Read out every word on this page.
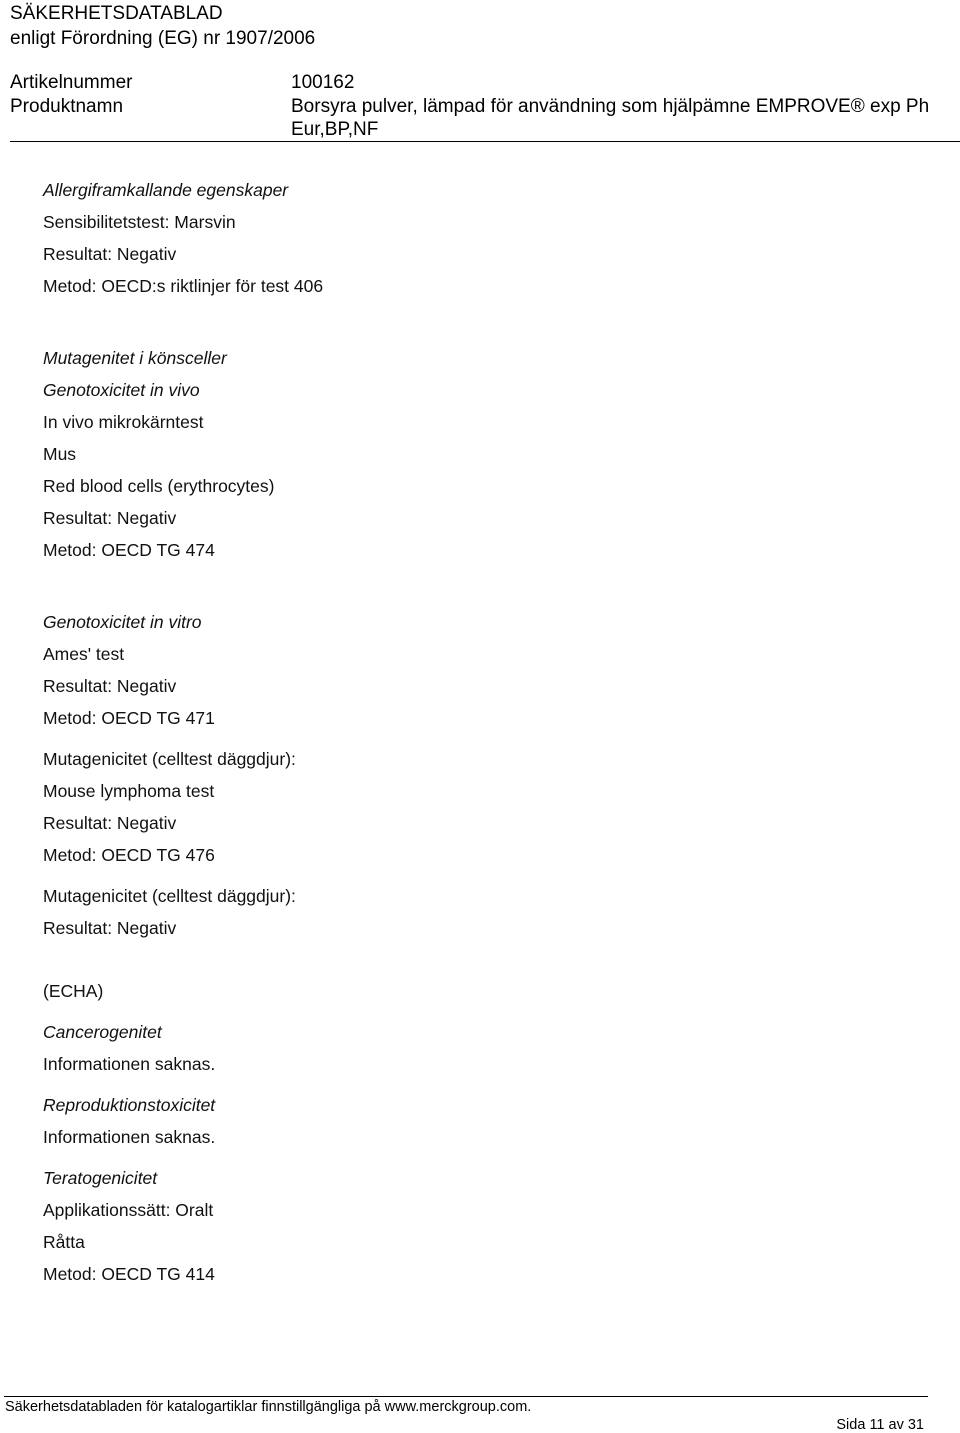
SÄKERHETSDATABLAD
enligt Förordning (EG) nr 1907/2006
Artikelnummer	100162
Produktnamn	Borsyra pulver, lämpad för användning som hjälpämne EMPROVE® exp Ph
Eur,BP,NF
Allergiframkallande egenskaper
Sensibilitetstest: Marsvin
Resultat: Negativ
Metod: OECD:s riktlinjer för test 406
Mutagenitet i könsceller
Genotoxicitet in vivo
In vivo mikrokärntest
Mus
Red blood cells (erythrocytes)
Resultat: Negativ
Metod: OECD TG 474
Genotoxicitet in vitro
Ames' test
Resultat: Negativ
Metod: OECD TG 471
Mutagenicitet (celltest däggdjur):
Mouse lymphoma test
Resultat: Negativ
Metod: OECD TG 476
Mutagenicitet (celltest däggdjur):
Resultat: Negativ
(ECHA)
Cancerogenitet
Informationen saknas.
Reproduktionstoxicitet
Informationen saknas.
Teratogenicitet
Applikationssätt: Oralt
Råtta
Metod: OECD TG 414
Säkerhetsdatabladen för katalogartiklar finnstillgängliga på www.merckgroup.com.
Sida 11 av 31
